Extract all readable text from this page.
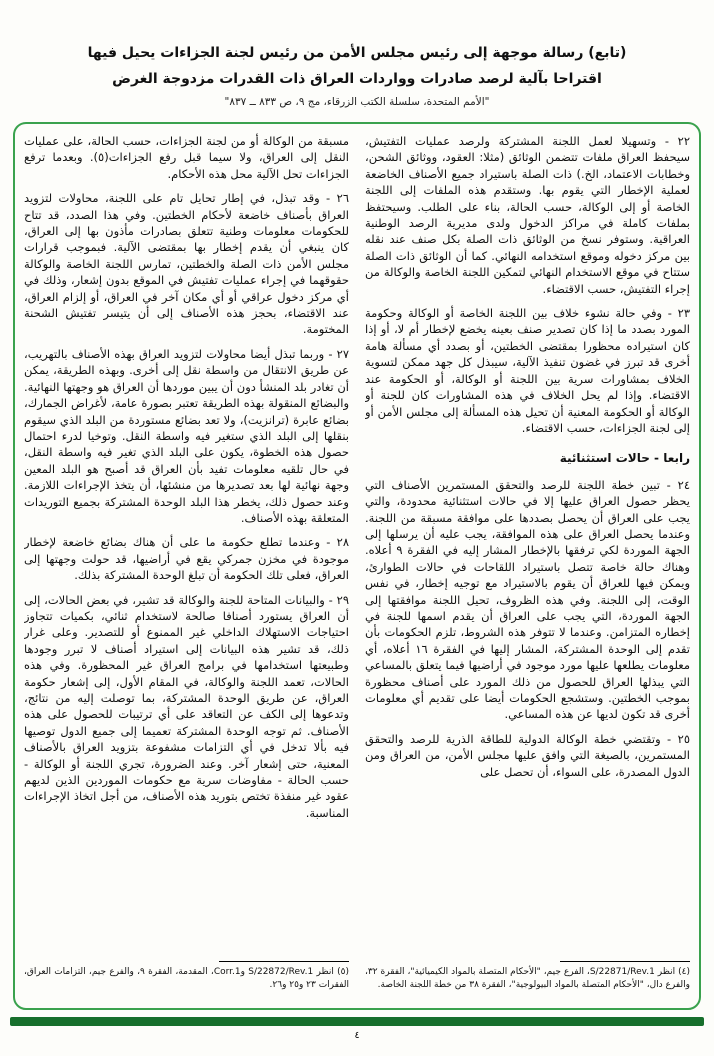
(تابع) رسالة موجهة إلى رئيس مجلس الأمن من رئيس لجنة الجزاءات يحيل فيها
اقتراحا بآلية لرصد صادرات وواردات العراق ذات القدرات مزدوجة الغرض
"الأمم المتحدة، سلسلة الكتب الزرقاء، مج ٩، ص ٨٣٣ ــ ٨٣٧"

٢٢ - وتسهيلا لعمل اللجنة المشتركة ولرصد عمليات التفتيش، سيحفظ العراق ملفات تتضمن الوثائق (مثلا: العقود، ووثائق الشحن، وخطابات الاعتماد، الخ.) ذات الصلة باستيراد جميع الأصناف الخاضعة لعملية الإخطار التي يقوم بها. وستقدم هذه الملفات إلى اللجنة الخاصة أو إلى الوكالة، حسب الحالة، بناء على الطلب. وسيحتفظ بملفات كاملة في مراكز الدخول ولدى مديرية الرصد الوطنية العراقية. وستوفر نسخ من الوثائق ذات الصلة بكل صنف عند نقله بين مركز دخوله وموقع استخدامه النهائي. كما أن الوثائق ذات الصلة ستتاح في موقع الاستخدام النهائي لتمكين اللجنة الخاصة والوكالة من إجراء التفتيش، حسب الاقتضاء.

٢٣ - وفي حالة نشوء خلاف بين اللجنة الخاصة أو الوكالة وحكومة المورد بصدد ما إذا كان تصدير صنف بعينه يخضع لإخطار أم لا، أو إذا كان استيراده محظورا بمقتضى الخطتين، أو بصدد أي مسألة هامة أخرى قد تبرز في غضون تنفيذ الآلية، سيبذل كل جهد ممكن لتسوية الخلاف بمشاورات سرية بين اللجنة أو الوكالة، أو الحكومة عند الاقتضاء. وإذا لم يحل الخلاف في هذه المشاورات كان للجنة أو الوكالة أو الحكومة المعنية أن تحيل هذه المسألة إلى مجلس الأمن أو إلى لجنة الجزاءات، حسب الاقتضاء.

رابعا - حالات استثنائية

٢٤ - تبين خطة اللجنة للرصد والتحقق المستمرين الأصناف التي يحظر حصول العراق عليها إلا في حالات استثنائية محدودة، والتي يجب على العراق أن يحصل بصددها على موافقة مسبقة من اللجنة. وعندما يحصل العراق على هذه الموافقة، يجب عليه أن يرسلها إلى الجهة الموردة لكي ترفقها بالإخطار المشار إليه في الفقرة ٩ أعلاه. وهناك حالة خاصة تتصل باستيراد اللقاحات في حالات الطوارئ، ويمكن فيها للعراق أن يقوم بالاستيراد مع توجيه إخطار، في نفس الوقت، إلى اللجنة. وفي هذه الظروف، تحيل اللجنة موافقتها إلى الجهة الموردة، التي يجب على العراق أن يقدم اسمها للجنة في إخطاره المتزامن. وعندما لا تتوفر هذه الشروط، تلزم الحكومات بأن تقدم إلى الوحدة المشتركة، المشار إليها في الفقرة ١٦ أعلاه، أي معلومات يطلعها عليها مورد موجود في أراضيها فيما يتعلق بالمساعي التي يبذلها العراق للحصول من ذلك المورد على أصناف محظورة بموجب الخطتين. وستشجع الحكومات أيضا على تقديم أي معلومات أخرى قد تكون لديها عن هذه المساعي.

٢٥ - وتقتضي خطة الوكالة الدولية للطاقة الذرية للرصد والتحقق المستمرين، بالصيغة التي وافق عليها مجلس الأمن، من العراق ومن الدول المصدرة، على السواء، أن تحصل على

(٤) انظر S/22871/Rev.1، الفرع جيم، "الأحكام المتصلة بالمواد الكيميائية"، الفقرة ٣٢، والفرع دال، "الأحكام المتصلة بالمواد البيولوجية"، الفقرة ٣٨ من خطة اللجنة الخاصة.

مسبقة من الوكالة أو من لجنة الجزاءات، حسب الحالة، على عمليات النقل إلى العراق، ولا سيما قبل رفع الجزاءات(٥). وبعدما ترفع الجزاءات تحل الآلية محل هذه الأحكام.

٢٦ - وقد تبذل، في إطار تحايل تام على اللجنة، محاولات لتزويد العراق بأصناف خاضعة لأحكام الخطتين. وفي هذا الصدد، قد تتاح للحكومات معلومات وطنية تتعلق بصادرات مأذون بها إلى العراق، كان ينبغي أن يقدم إخطار بها بمقتضى الآلية. فبموجب قرارات مجلس الأمن ذات الصلة والخطتين، تمارس اللجنة الخاصة والوكالة حقوقهما في إجراء عمليات تفتيش في الموقع بدون إشعار، وذلك في أي مركز دخول عراقي أو أي مكان آخر في العراق، أو إلزام العراق، عند الاقتضاء، بحجز هذه الأصناف إلى أن يتيسر تفتيش الشحنة المختومة.

٢٧ - وربما تبذل أيضا محاولات لتزويد العراق بهذه الأصناف بالتهريب، عن طريق الانتقال من واسطة نقل إلى أخرى. وبهذه الطريقة، يمكن أن تغادر بلد المنشأ دون أن يبين موردها أن العراق هو وجهتها النهائية. والبضائع المنقولة بهذه الطريقة تعتبر بصورة عامة، لأغراض الجمارك، بضائع عابرة (ترانزيت)، ولا تعد بضائع مستوردة من البلد الذي سيقوم بنقلها إلى البلد الذي ستغير فيه واسطة النقل. وتوخيا لدرء احتمال حصول هذه الخطوة، يكون على البلد الذي تغير فيه واسطة النقل، في حال تلقيه معلومات تفيد بأن العراق قد أصبح هو البلد المعين وجهة نهائية لها بعد تصديرها من منشئها، أن يتخذ الإجراءات اللازمة. وعند حصول ذلك، يخطر هذا البلد الوحدة المشتركة بجميع التوريدات المتعلقة بهذه الأصناف.

٢٨ - وعندما تطلع حكومة ما على أن هناك بضائع خاضعة لإخطار موجودة في مخزن جمركي يقع في أراضيها، قد حولت وجهتها إلى العراق، فعلى تلك الحكومة أن تبلغ الوحدة المشتركة بذلك.

٢٩ - والبيانات المتاحة للجنة والوكالة قد تشير، في بعض الحالات، إلى أن العراق يستورد أصنافا صالحة لاستخدام ثنائي، بكميات تتجاوز احتياجات الاستهلاك الداخلي غير الممنوع أو للتصدير. وعلى غرار ذلك، قد تشير هذه البيانات إلى استيراد أصناف لا تبرر وجودها وطبيعتها استخدامها في برامج العراق غير المحظورة. وفي هذه الحالات، تعمد اللجنة والوكالة، في المقام الأول، إلى إشعار حكومة العراق، عن طريق الوحدة المشتركة، بما توصلت إليه من نتائج، وتدعوها إلى الكف عن التعاقد على أي ترتيبات للحصول على هذه الأصناف. ثم توجه الوحدة المشتركة تعميما إلى جميع الدول توصيها فيه بألا تدخل في أي التزامات مشفوعة بتزويد العراق بالأصناف المعنية، حتى إشعار آخر. وعند الضرورة، تجري اللجنة أو الوكالة - حسب الحالة - مفاوضات سرية مع حكومات الموردين الذين لديهم عقود غير منفذة تختص بتوريد هذه الأصناف، من أجل اتخاذ الإجراءات المناسبة.

(٥) انظر S/22872/Rev.1 وCorr.1، المقدمة، الفقرة ٩، والفرع جيم، التزامات العراق، الفقرات ٢٣ و٢٥ و٢٦.

٤
